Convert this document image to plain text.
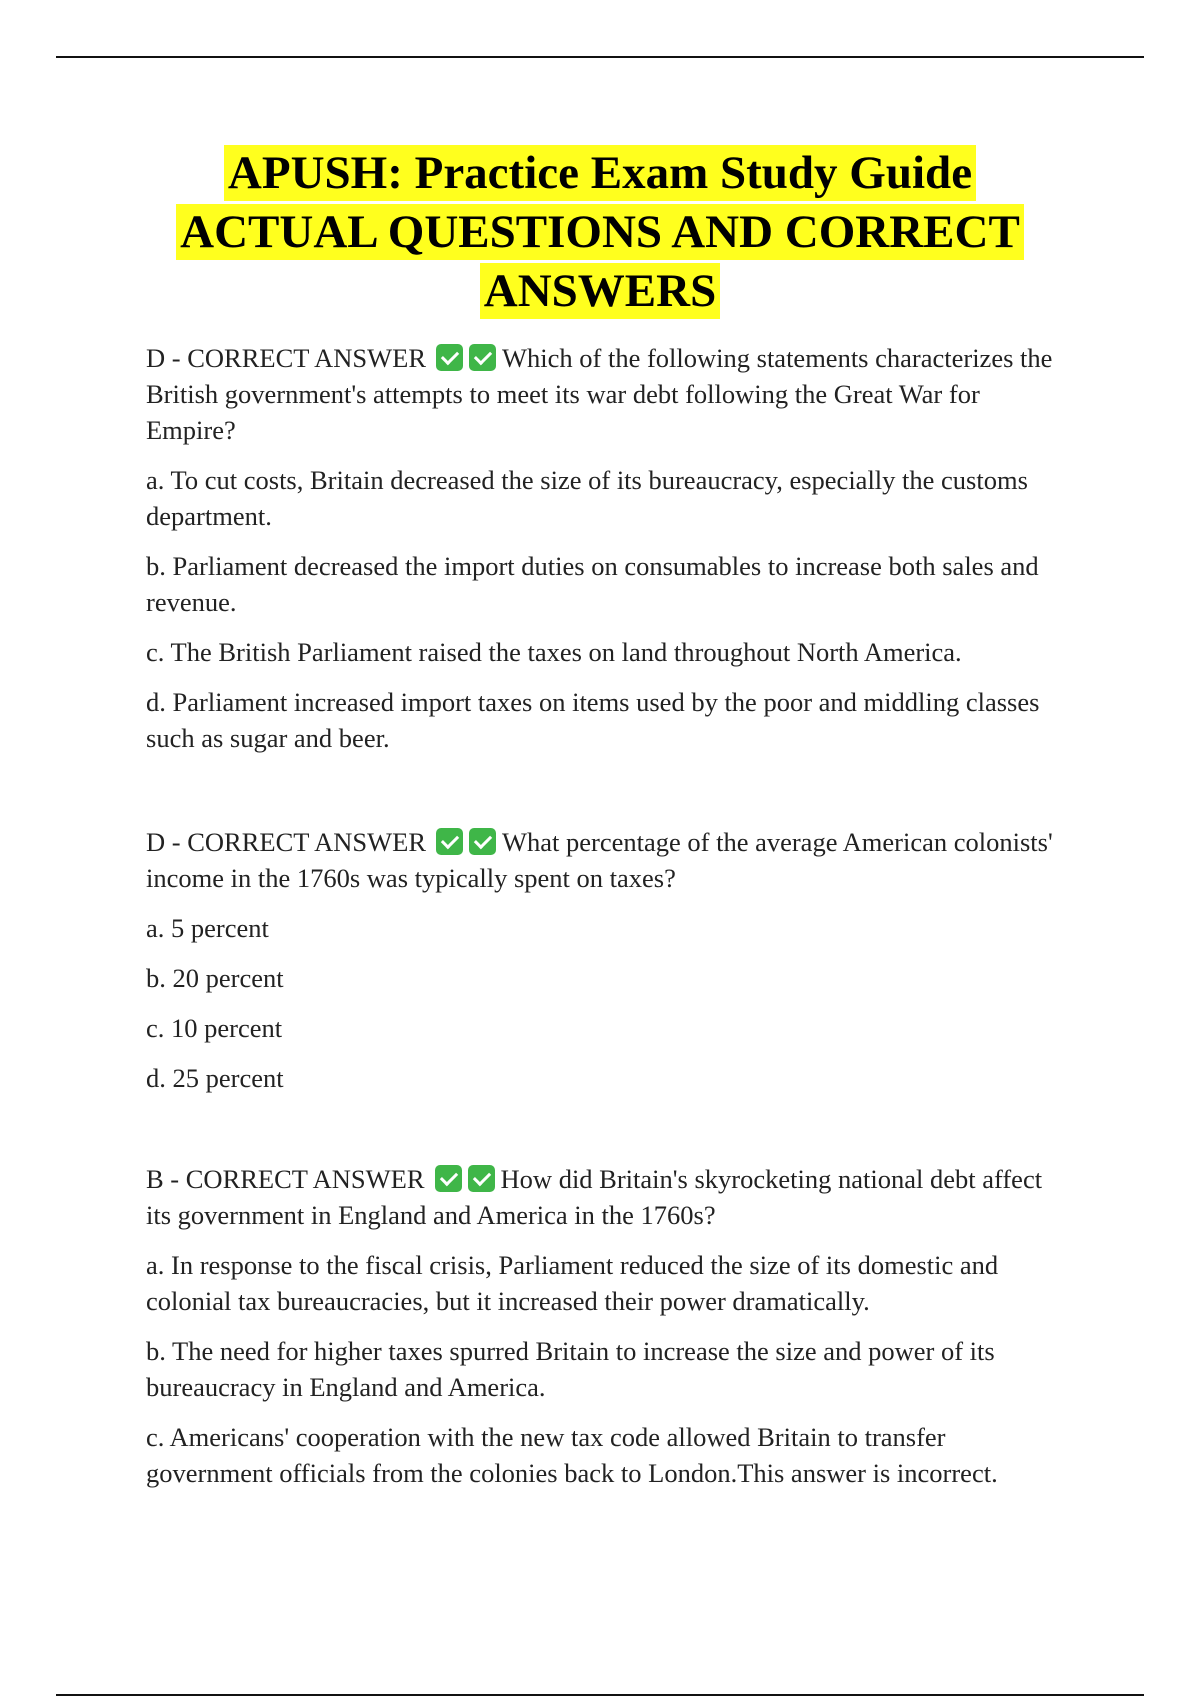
APUSH: Practice Exam Study Guide
ACTUAL QUESTIONS AND CORRECT
ANSWERS

D - CORRECT ANSWER	Which of the following statements characterizes the British government's attempts to meet its war debt following the Great War for Empire?

a. To cut costs, Britain decreased the size of its bureaucracy, especially the customs department.

b. Parliament decreased the import duties on consumables to increase both sales and revenue.

c. The British Parliament raised the taxes on land throughout North America.

d. Parliament increased import taxes on items used by the poor and middling classes such as sugar and beer.

D - CORRECT ANSWER	What percentage of the average American colonists' income in the 1760s was typically spent on taxes?

a. 5 percent

b. 20 percent

c. 10 percent

d. 25 percent

B - CORRECT ANSWER	How did Britain's skyrocketing national debt affect its government in England and America in the 1760s?

a. In response to the fiscal crisis, Parliament reduced the size of its domestic and colonial tax bureaucracies, but it increased their power dramatically.

b. The need for higher taxes spurred Britain to increase the size and power of its bureaucracy in England and America.

c. Americans' cooperation with the new tax code allowed Britain to transfer government officials from the colonies back to London.This answer is incorrect.
